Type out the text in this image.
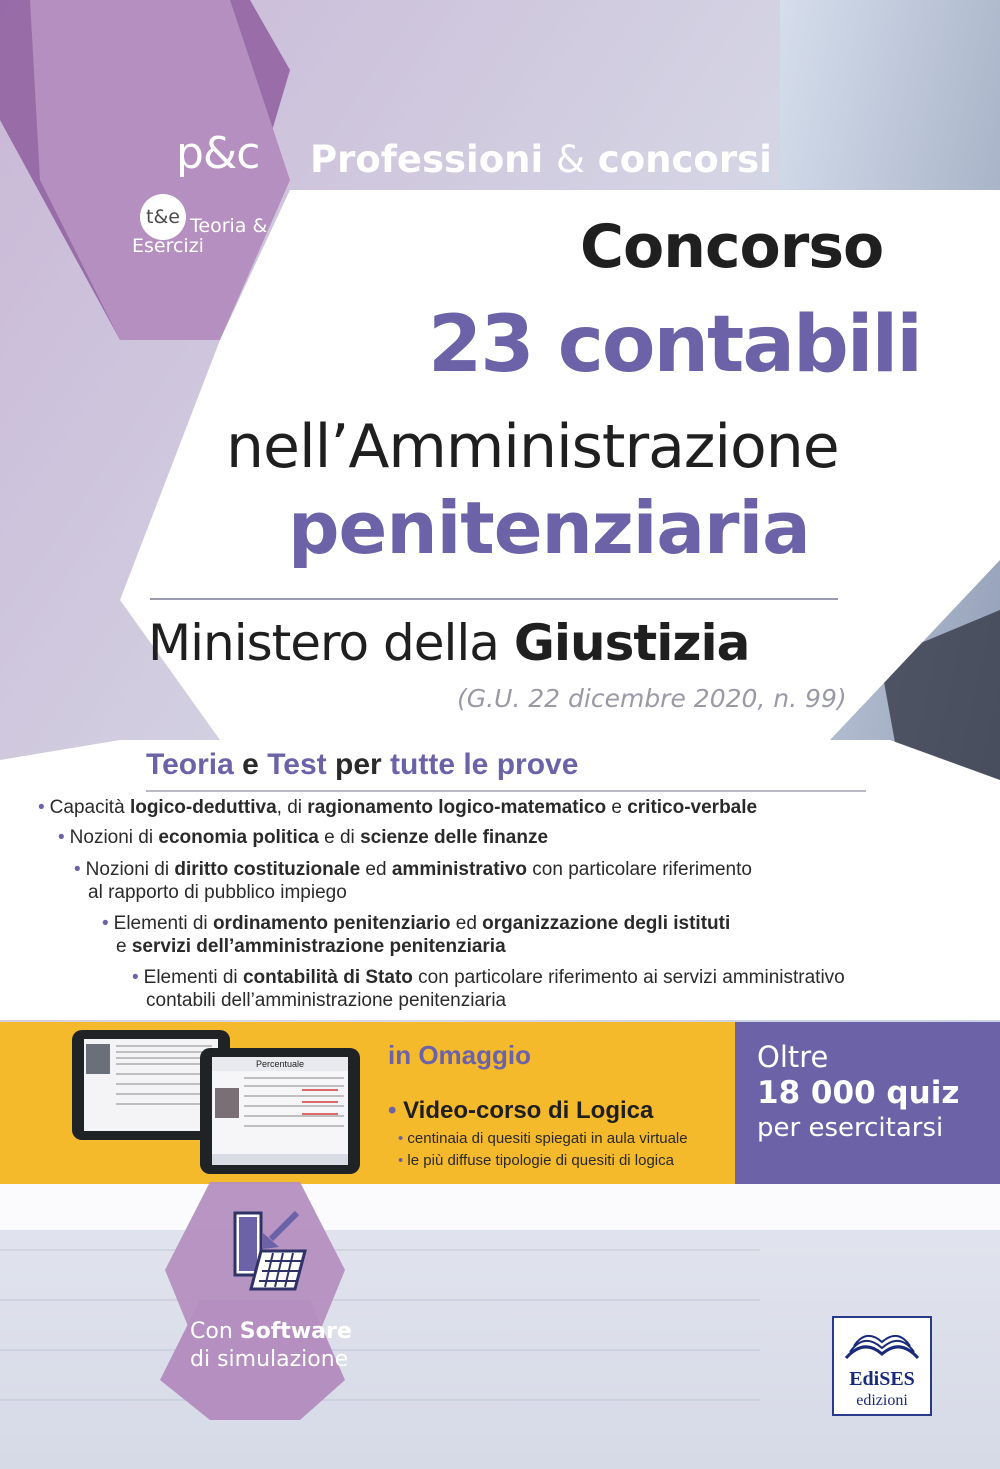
p&c Professioni & concorsi
t&e Teoria &
Esercizi	Concorso
23 contabili
nell’Amministrazione
penitenziaria
Ministero della Giustizia
(G.U. 22 dicembre 2020, n. 99)
Teoria e Test per tutte le prove
• Capacità logico-deduttiva, di ragionamento logico-matematico e critico-verbale
• Nozioni di economia politica e di scienze delle finanze
• Nozioni di diritto costituzionale ed amministrativo con particolare riferimento
al rapporto di pubblico impiego
• Elementi di ordinamento penitenziario ed organizzazione degli istituti
e servizi dell’amministrazione penitenziaria
• Elementi di contabilità di Stato con particolare riferimento ai servizi amministrativo
contabili dell’amministrazione penitenziaria
Percentuale	in Omaggio
• Video-corso di Logica
• centinaia di quesiti spiegati in aula virtuale
• le più diffuse tipologie di quesiti di logica
Oltre
18 000 quiz
per esercitarsi
Con Software
di simulazione
EdiSES
edizioni
